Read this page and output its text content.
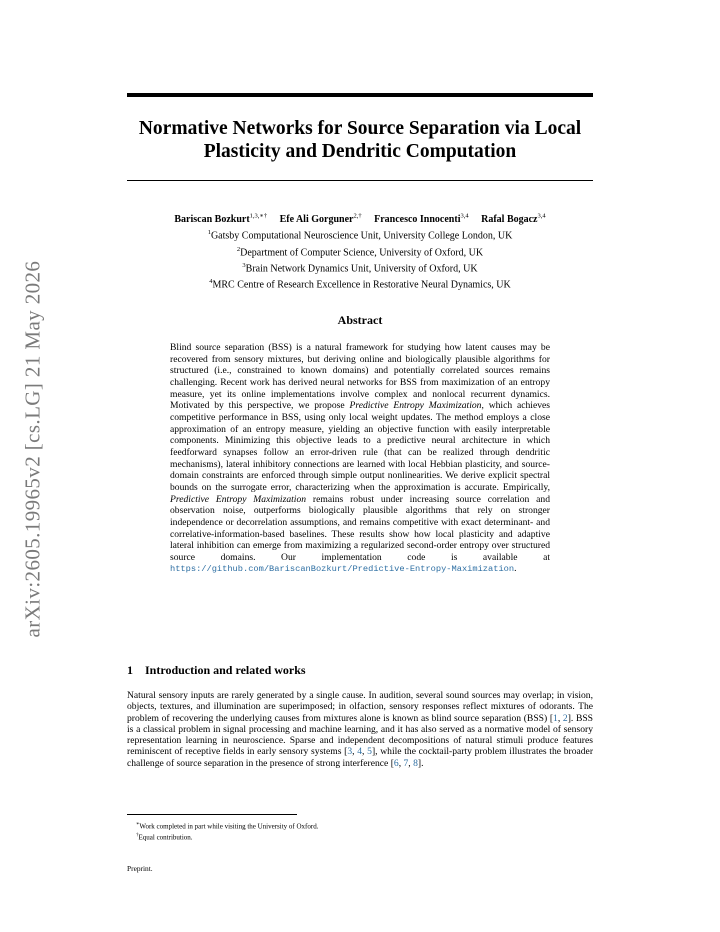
arXiv:2605.19965v2 [cs.LG] 21 May 2026
Normative Networks for Source Separation via Local Plasticity and Dendritic Computation
Bariscan Bozkurt$^{1,3,∗\dagger}$ Efe Ali Gorguner$^{2,\dagger}$ Francesco Innocenti$^{3,4}$ Rafal Bogacz$^{3,4}$
$^1$Gatsby Computational Neuroscience Unit, University College London, UK
$^2$Department of Computer Science, University of Oxford, UK
$^3$Brain Network Dynamics Unit, University of Oxford, UK
$^4$MRC Centre of Research Excellence in Restorative Neural Dynamics, UK
Abstract
Blind source separation (BSS) is a natural framework for studying how latent causes may be recovered from sensory mixtures, but deriving online and biologically plausible algorithms for structured (i.e., constrained to known domains) and potentially correlated sources remains challenging. Recent work has derived neural networks for BSS from maximization of an entropy measure, yet its online implementations involve complex and nonlocal recurrent dynamics. Motivated by this perspective, we propose Predictive Entropy Maximization, which achieves competitive performance in BSS, using only local weight updates. The method employs a close approximation of an entropy measure, yielding an objective function with easily interpretable components. Minimizing this objective leads to a predictive neural architecture in which feedforward synapses follow an error-driven rule (that can be realized through dendritic mechanisms), lateral inhibitory connections are learned with local Hebbian plasticity, and source-domain constraints are enforced through simple output nonlinearities. We derive explicit spectral bounds on the surrogate error, characterizing when the approximation is accurate. Empirically, Predictive Entropy Maximization remains robust under increasing source correlation and observation noise, outperforms biologically plausible algorithms that rely on stronger independence or decorrelation assumptions, and remains competitive with exact determinant- and correlative-information-based baselines. These results show how local plasticity and adaptive lateral inhibition can emerge from maximizing a regularized second-order entropy over structured source domains. Our implementation code is available at https://github.com/BariscanBozkurt/Predictive-Entropy-Maximization.
1 Introduction and related works
Natural sensory inputs are rarely generated by a single cause. In audition, several sound sources may overlap; in vision, objects, textures, and illumination are superimposed; in olfaction, sensory responses reflect mixtures of odorants. The problem of recovering the underlying causes from mixtures alone is known as blind source separation (BSS) [1, 2]. BSS is a classical problem in signal processing and machine learning, and it has also served as a normative model of sensory representation learning in neuroscience. Sparse and independent decompositions of natural stimuli produce features reminiscent of receptive fields in early sensory systems [3, 4, 5], while the cocktail-party problem illustrates the broader challenge of source separation in the presence of strong interference [6, 7, 8].
∗Work completed in part while visiting the University of Oxford.
†Equal contribution.
Preprint.
